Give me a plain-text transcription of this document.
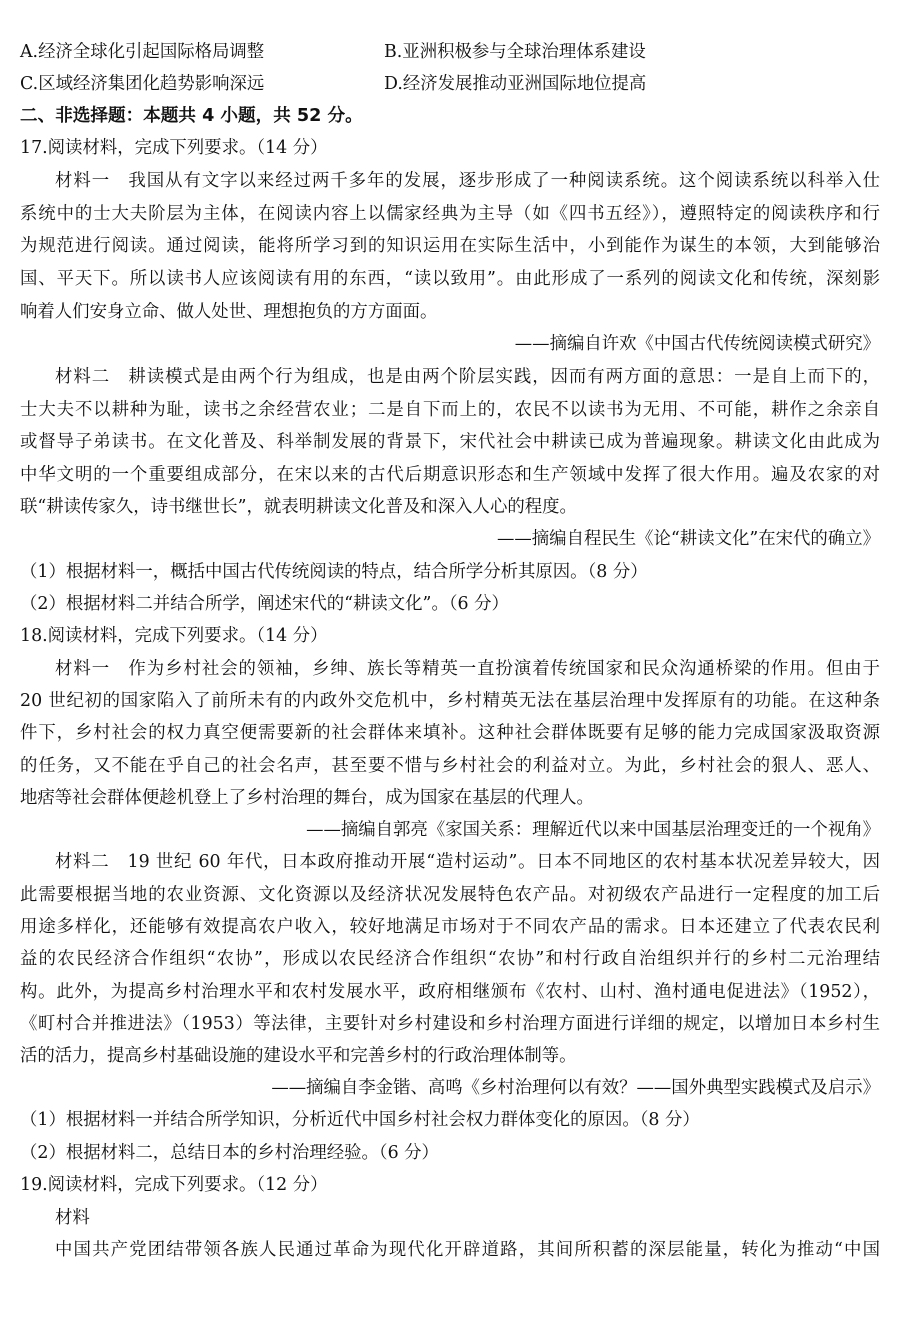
A.经济全球化引起国际格局调整	B.亚洲积极参与全球治理体系建设
C.区域经济集团化趋势影响深远	D.经济发展推动亚洲国际地位提高
二、非选择题：本题共 4 小题，共 52 分。
17.阅读材料，完成下列要求。（14 分）
材料一　我国从有文字以来经过两千多年的发展，逐步形成了一种阅读系统。这个阅读系统以科举入仕
系统中的士大夫阶层为主体，在阅读内容上以儒家经典为主导（如《四书五经》），遵照特定的阅读秩序和行
为规范进行阅读。通过阅读，能将所学习到的知识运用在实际生活中，小到能作为谋生的本领，大到能够治
国、平天下。所以读书人应该阅读有用的东西，“读以致用”。由此形成了一系列的阅读文化和传统，深刻影
响着人们安身立命、做人处世、理想抱负的方方面面。
——摘编自许欢《中国古代传统阅读模式研究》
材料二　耕读模式是由两个行为组成，也是由两个阶层实践，因而有两方面的意思：一是自上而下的，
士大夫不以耕种为耻，读书之余经营农业；二是自下而上的，农民不以读书为无用、不可能，耕作之余亲自
或督导子弟读书。在文化普及、科举制发展的背景下，宋代社会中耕读已成为普遍现象。耕读文化由此成为
中华文明的一个重要组成部分，在宋以来的古代后期意识形态和生产领域中发挥了很大作用。遍及农家的对
联“耕读传家久，诗书继世长”，就表明耕读文化普及和深入人心的程度。
——摘编自程民生《论“耕读文化”在宋代的确立》
（1）根据材料一，概括中国古代传统阅读的特点，结合所学分析其原因。（8 分）
（2）根据材料二并结合所学，阐述宋代的“耕读文化”。（6 分）
18.阅读材料，完成下列要求。（14 分）
材料一　作为乡村社会的领袖，乡绅、族长等精英一直扮演着传统国家和民众沟通桥梁的作用。但由于
20 世纪初的国家陷入了前所未有的内政外交危机中，乡村精英无法在基层治理中发挥原有的功能。在这种条
件下，乡村社会的权力真空便需要新的社会群体来填补。这种社会群体既要有足够的能力完成国家汲取资源
的任务，又不能在乎自己的社会名声，甚至要不惜与乡村社会的利益对立。为此，乡村社会的狠人、恶人、
地痞等社会群体便趁机登上了乡村治理的舞台，成为国家在基层的代理人。
——摘编自郭亮《家国关系：理解近代以来中国基层治理变迁的一个视角》
材料二　19 世纪 60 年代，日本政府推动开展“造村运动”。日本不同地区的农村基本状况差异较大，因
此需要根据当地的农业资源、文化资源以及经济状况发展特色农产品。对初级农产品进行一定程度的加工后
用途多样化，还能够有效提高农户收入，较好地满足市场对于不同农产品的需求。日本还建立了代表农民利
益的农民经济合作组织“农协”，形成以农民经济合作组织“农协”和村行政自治组织并行的乡村二元治理结
构。此外，为提高乡村治理水平和农村发展水平，政府相继颁布《农村、山村、渔村通电促进法》（1952），
《町村合并推进法》（1953）等法律，主要针对乡村建设和乡村治理方面进行详细的规定，以增加日本乡村生
活的活力，提高乡村基础设施的建设水平和完善乡村的行政治理体制等。
——摘编自李金锴、高鸣《乡村治理何以有效？——国外典型实践模式及启示》
（1）根据材料一并结合所学知识，分析近代中国乡村社会权力群体变化的原因。（8 分）
（2）根据材料二，总结日本的乡村治理经验。（6 分）
19.阅读材料，完成下列要求。（12 分）
材料
中国共产党团结带领各族人民通过革命为现代化开辟道路，其间所积蓄的深层能量，转化为推动“中国
